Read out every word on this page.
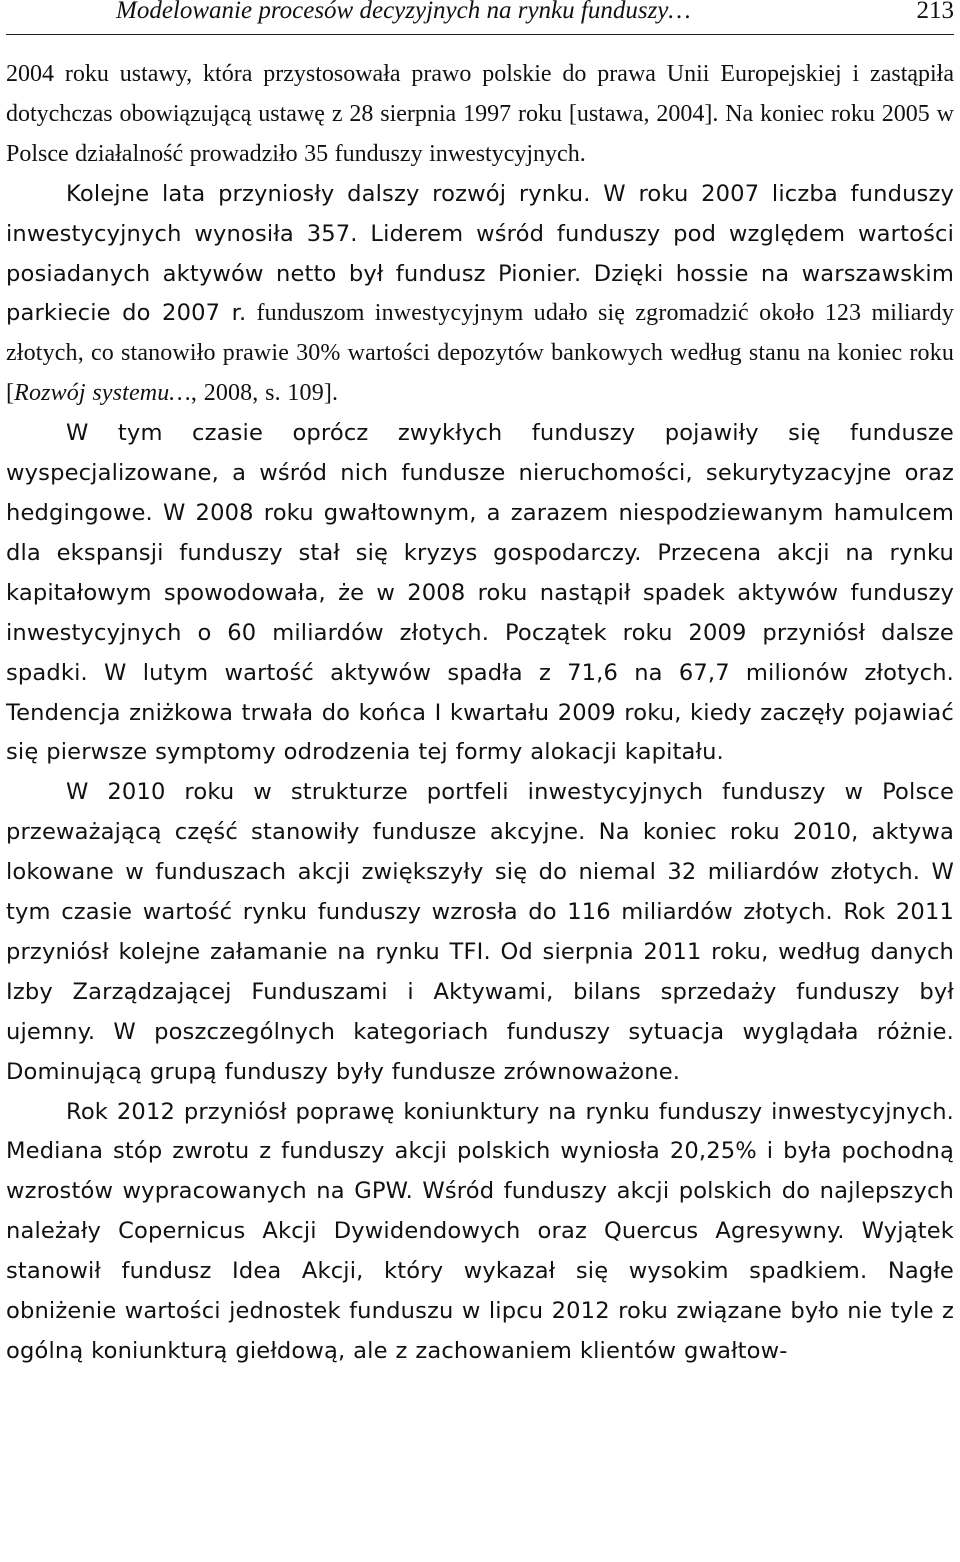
Modelowanie procesów decyzyjnych na rynku funduszy…	213

2004 roku ustawy, która przystosowała prawo polskie do prawa Unii Europejskiej i zastąpiła dotychczas obowiązującą ustawę z 28 sierpnia 1997 roku [ustawa, 2004]. Na koniec roku 2005 w Polsce działalność prowadziło 35 funduszy inwestycyjnych.

Kolejne lata przyniosły dalszy rozwój rynku. W roku 2007 liczba funduszy inwestycyjnych wynosiła 357. Liderem wśród funduszy pod względem wartości posiadanych aktywów netto był fundusz Pionier. Dzięki hossie na warszawskim parkiecie do 2007 r. funduszom inwestycyjnym udało się zgromadzić około 123 miliardy złotych, co stanowiło prawie 30% wartości depozytów bankowych według stanu na koniec roku [Rozwój systemu…, 2008, s. 109].

W tym czasie oprócz zwykłych funduszy pojawiły się fundusze wyspecjalizowane, a wśród nich fundusze nieruchomości, sekurytyzacyjne oraz hedgingowe. W 2008 roku gwałtownym, a zarazem niespodziewanym hamulcem dla ekspansji funduszy stał się kryzys gospodarczy. Przecena akcji na rynku kapitałowym spowodowała, że w 2008 roku nastąpił spadek aktywów funduszy inwestycyjnych o 60 miliardów złotych. Początek roku 2009 przyniósł dalsze spadki. W lutym wartość aktywów spadła z 71,6 na 67,7 milionów złotych. Tendencja zniżkowa trwała do końca I kwartału 2009 roku, kiedy zaczęły pojawiać się pierwsze symptomy odrodzenia tej formy alokacji kapitału.

W 2010 roku w strukturze portfeli inwestycyjnych funduszy w Polsce przeważającą część stanowiły fundusze akcyjne. Na koniec roku 2010, aktywa lokowane w funduszach akcji zwiększyły się do niemal 32 miliardów złotych. W tym czasie wartość rynku funduszy wzrosła do 116 miliardów złotych. Rok 2011 przyniósł kolejne załamanie na rynku TFI. Od sierpnia 2011 roku, według danych Izby Zarządzającej Funduszami i Aktywami, bilans sprzedaży funduszy był ujemny. W poszczególnych kategoriach funduszy sytuacja wyglądała różnie. Dominującą grupą funduszy były fundusze zrównoważone.

Rok 2012 przyniósł poprawę koniunktury na rynku funduszy inwestycyjnych. Mediana stóp zwrotu z funduszy akcji polskich wyniosła 20,25% i była pochodną wzrostów wypracowanych na GPW. Wśród funduszy akcji polskich do najlepszych należały Copernicus Akcji Dywidendowych oraz Quercus Agresywny. Wyjątek stanowił fundusz Idea Akcji, który wykazał się wysokim spadkiem. Nagłe obniżenie wartości jednostek funduszu w lipcu 2012 roku związane było nie tyle z ogólną koniunkturą giełdową, ale z zachowaniem klientów gwałtow-
